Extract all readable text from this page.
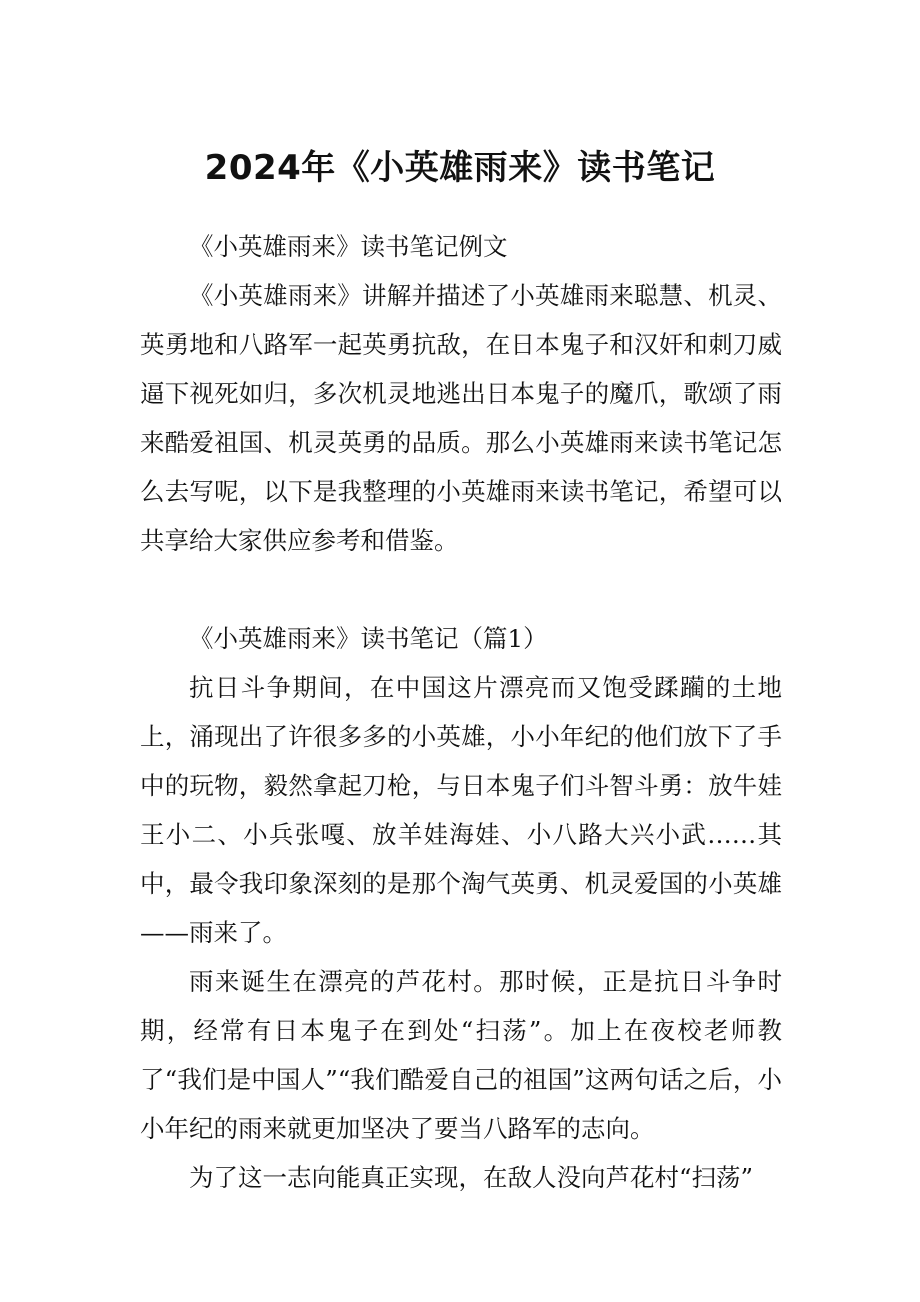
2024年《小英雄雨来》读书笔记

《小英雄雨来》读书笔记例文

《小英雄雨来》讲解并描述了小英雄雨来聪慧、机灵、英勇地和八路军一起英勇抗敌，在日本鬼子和汉奸和刺刀威逼下视死如归，多次机灵地逃出日本鬼子的魔爪，歌颂了雨来酷爱祖国、机灵英勇的品质。那么小英雄雨来读书笔记怎么去写呢，以下是我整理的小英雄雨来读书笔记，希望可以共享给大家供应参考和借鉴。

《小英雄雨来》读书笔记（篇1）

抗日斗争期间，在中国这片漂亮而又饱受蹂躏的土地上，涌现出了许很多多的小英雄，小小年纪的他们放下了手中的玩物，毅然拿起刀枪，与日本鬼子们斗智斗勇：放牛娃王小二、小兵张嘎、放羊娃海娃、小八路大兴小武……其中，最令我印象深刻的是那个淘气英勇、机灵爱国的小英雄——雨来了。

雨来诞生在漂亮的芦花村。那时候，正是抗日斗争时期，经常有日本鬼子在到处“扫荡”。加上在夜校老师教了“我们是中国人”“我们酷爱自己的祖国”这两句话之后，小小年纪的雨来就更加坚决了要当八路军的志向。

为了这一志向能真正实现，在敌人没向芦花村“扫荡”
